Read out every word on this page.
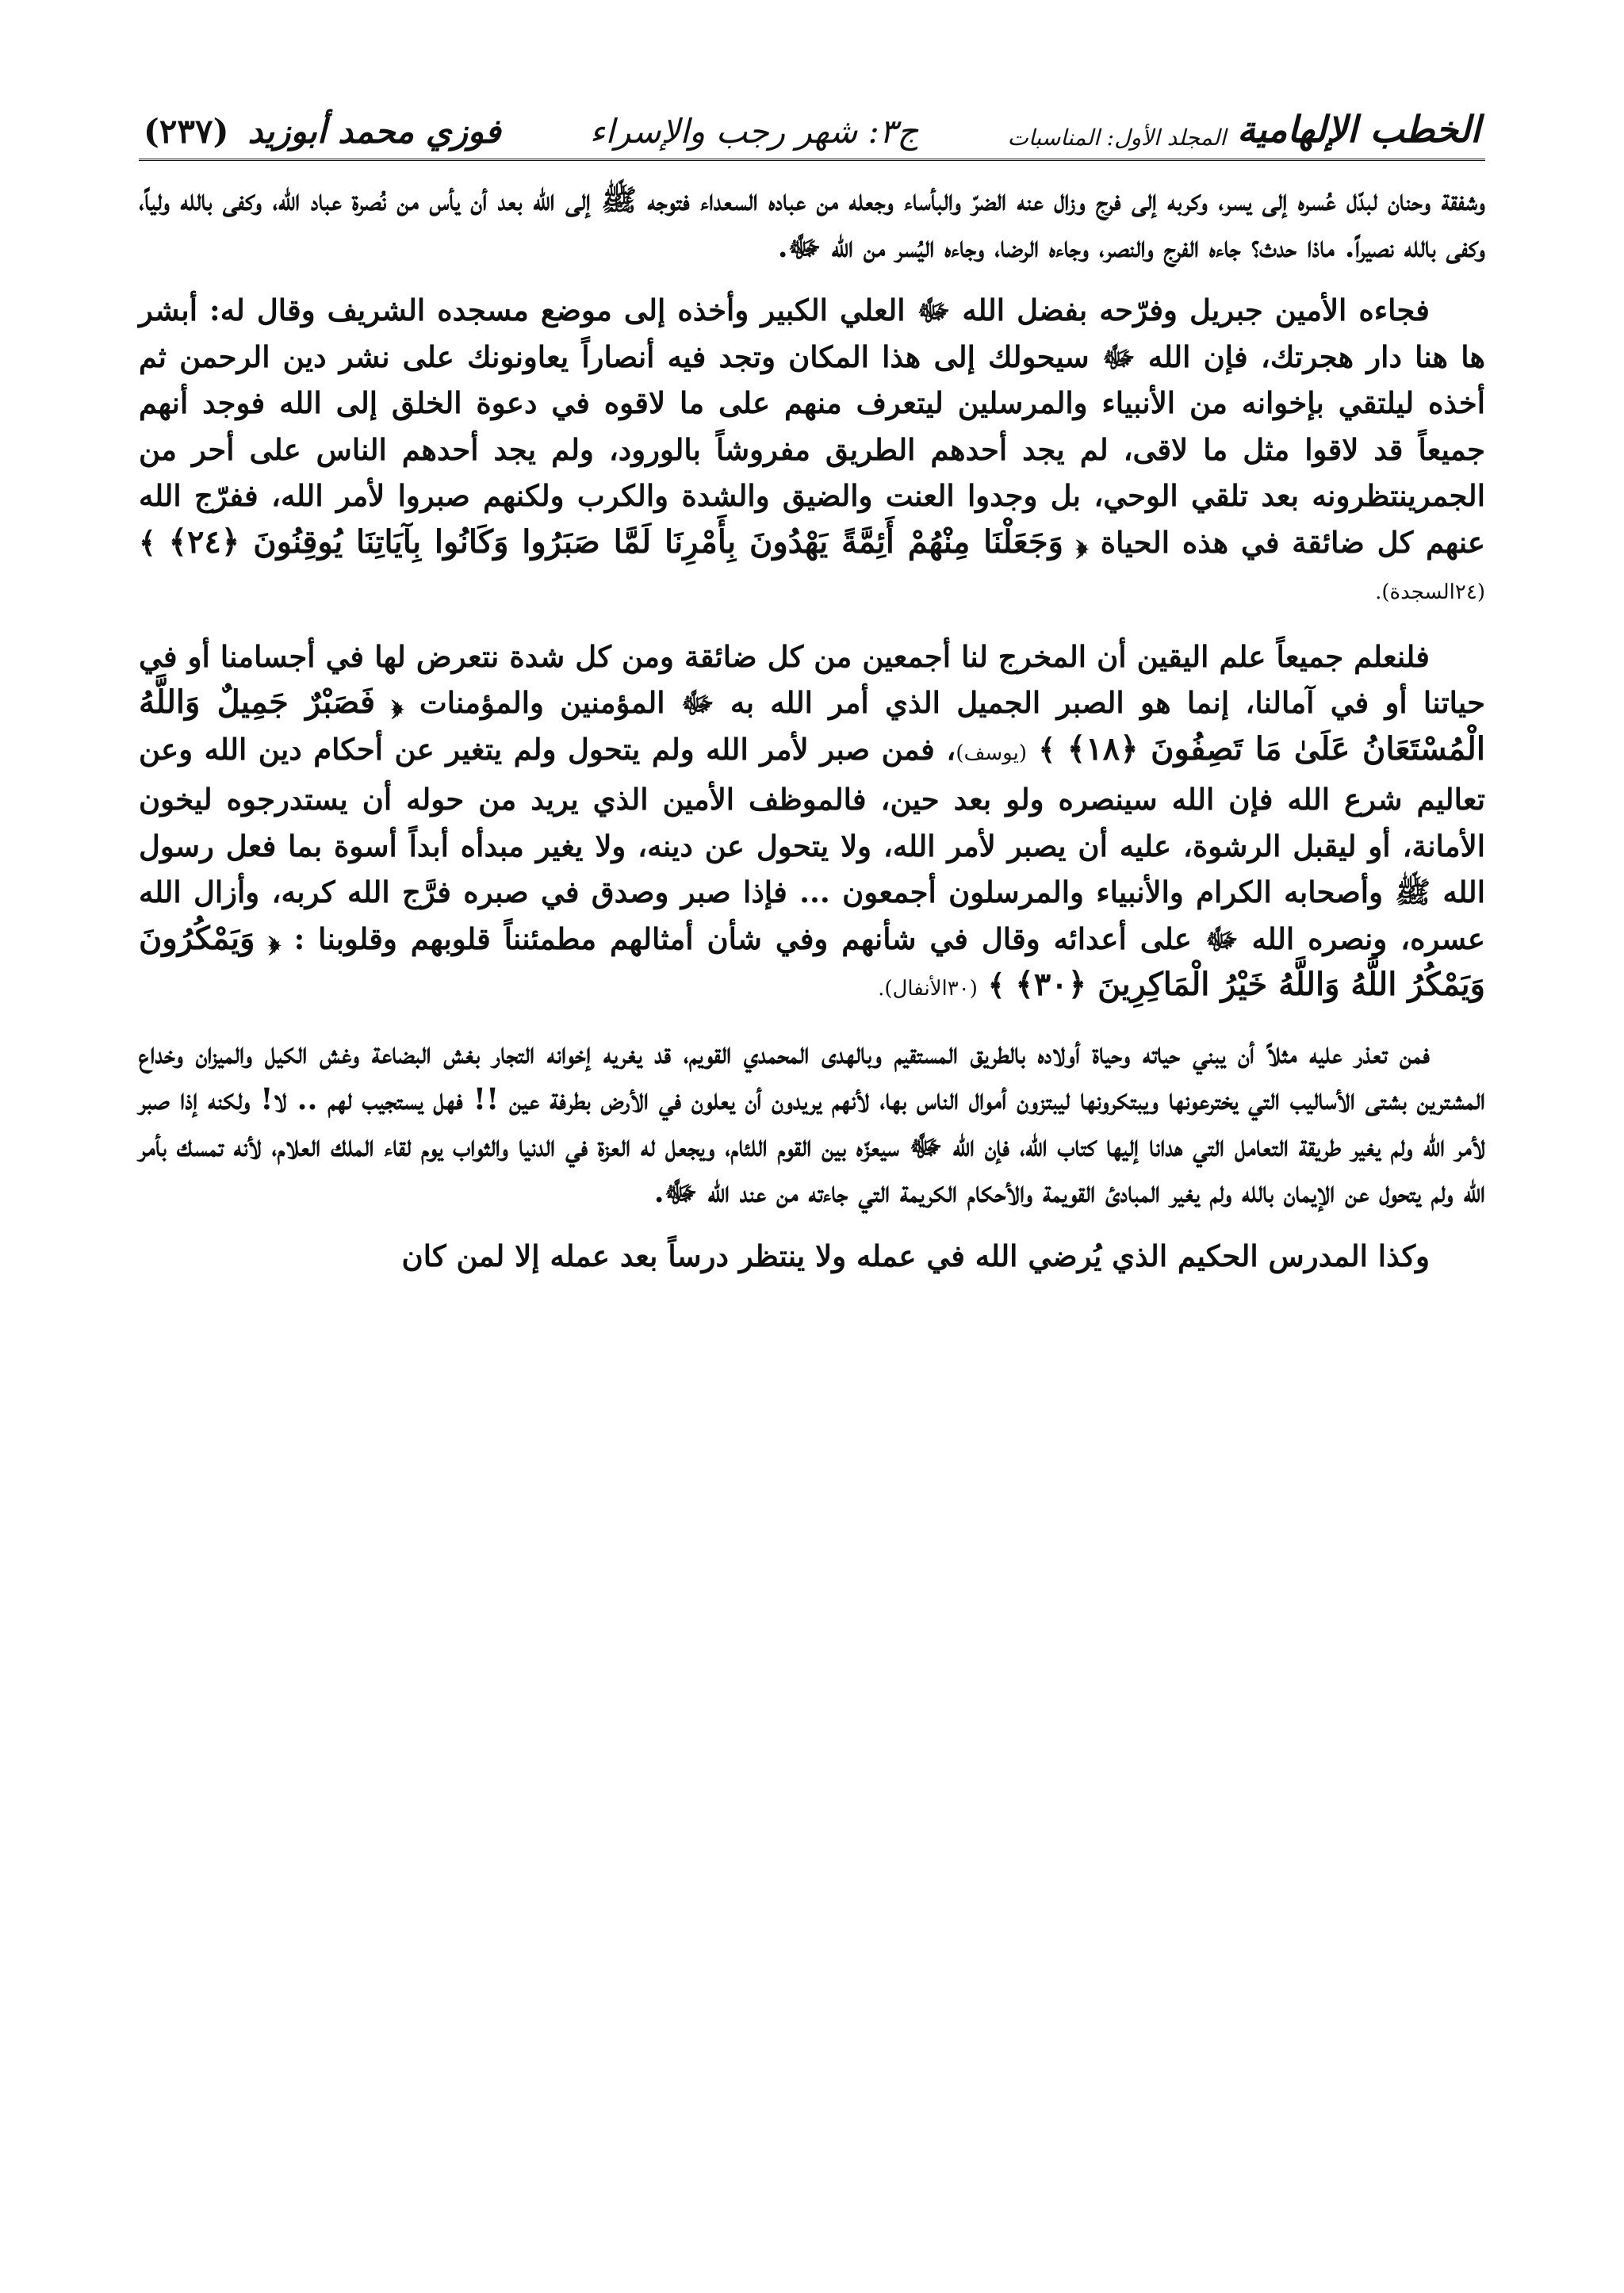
الخطب الإلهامية
المجلد الأول: المناسبات
ج٣: شهر رجب والإسراء
فوزي محمد أبوزيد
(٢٣٧)

وشفقة وحنان لبدّل عُسره إلى يسر، وكربه إلى فرج وزال عنه الضرّ والبأساء وجعله من عباده السعداء فتوجه ﷺ إلى الله بعد أن يأس من نُصرة عباد الله، وكفى بالله ولياً، وكفى بالله نصيراً. ماذا حدث؟ جاءه الفرج والنصر، وجاءه الرضا، وجاءه اليُسر من الله ﷻ.

فجاءه الأمين جبريل وفرّحه بفضل الله ﷻ العلي الكبير وأخذه إلى موضع مسجده الشريف وقال له: أبشر ها هنا دار هجرتك، فإن الله ﷻ سيحولك إلى هذا المكان وتجد فيه أنصاراً يعاونونك على نشر دين الرحمن ثم أخذه ليلتقي بإخوانه من الأنبياء والمرسلين ليتعرف منهم على ما لاقوه في دعوة الخلق إلى الله فوجد أنهم جميعاً قد لاقوا مثل ما لاقى، لم يجد أحدهم الطريق مفروشاً بالورود، ولم يجد أحدهم الناس على أحر من الجمرينتظرونه بعد تلقي الوحي، بل وجدوا العنت والضيق والشدة والكرب ولكنهم صبروا لأمر الله، ففرّج الله عنهم كل ضائقة في هذه الحياة ﴿ وَجَعَلْنَا مِنْهُمْ أَئِمَّةً يَهْدُونَ بِأَمْرِنَا لَمَّا صَبَرُوا وَكَانُوا بِآيَاتِنَا يُوقِنُونَ ﴿٢٤﴾ ﴾ (٢٤السجدة).

فلنعلم جميعاً علم اليقين أن المخرج لنا أجمعين من كل ضائقة ومن كل شدة نتعرض لها في أجسامنا أو في حياتنا أو في آمالنا، إنما هو الصبر الجميل الذي أمر الله به ﷻ المؤمنين والمؤمنات ﴿ فَصَبْرٌ جَمِيلٌ وَاللَّهُ الْمُسْتَعَانُ عَلَىٰ مَا تَصِفُونَ ﴿١٨﴾ ﴾ (يوسف)، فمن صبر لأمر الله ولم يتحول ولم يتغير عن أحكام دين الله وعن تعاليم شرع الله فإن الله سينصره ولو بعد حين، فالموظف الأمين الذي يريد من حوله أن يستدرجوه ليخون الأمانة، أو ليقبل الرشوة، عليه أن يصبر لأمر الله، ولا يتحول عن دينه، ولا يغير مبدأه أبداً أسوة بما فعل رسول الله ﷺ وأصحابه الكرام والأنبياء والمرسلون أجمعون ... فإذا صبر وصدق في صبره فرَّج الله كربه، وأزال الله عسره، ونصره الله ﷻ على أعدائه وقال في شأنهم وفي شأن أمثالهم مطمئنناً قلوبهم وقلوبنا : ﴿ وَيَمْكُرُونَ وَيَمْكُرُ اللَّهُ وَاللَّهُ خَيْرُ الْمَاكِرِينَ ﴿٣٠﴾ ﴾ (٣٠الأنفال).

فمن تعذر عليه مثلاً أن يبني حياته وحياة أولاده بالطريق المستقيم وبالهدى المحمدي القويم، قد يغريه إخوانه التجار بغش البضاعة وغش الكيل والميزان وخداع المشترين بشتى الأساليب التي يخترعونها ويبتكرونها ليبتزون أموال الناس بها، لأنهم يريدون أن يعلون في الأرض بطرفة عين !! فهل يستجيب لهم .. لا! ولكنه إذا صبر لأمر الله ولم يغير طريقة التعامل التي هدانا إليها كتاب الله، فإن الله ﷻ سيعزّه بين القوم اللئام، ويجعل له العزة في الدنيا والثواب يوم لقاء الملك العلام، لأنه تمسك بأمر الله ولم يتحول عن الإيمان بالله ولم يغير المبادئ القويمة والأحكام الكريمة التي جاءته من عند الله ﷻ.

وكذا المدرس الحكيم الذي يُرضي الله في عمله ولا ينتظر درساً بعد عمله إلا لمن كان
